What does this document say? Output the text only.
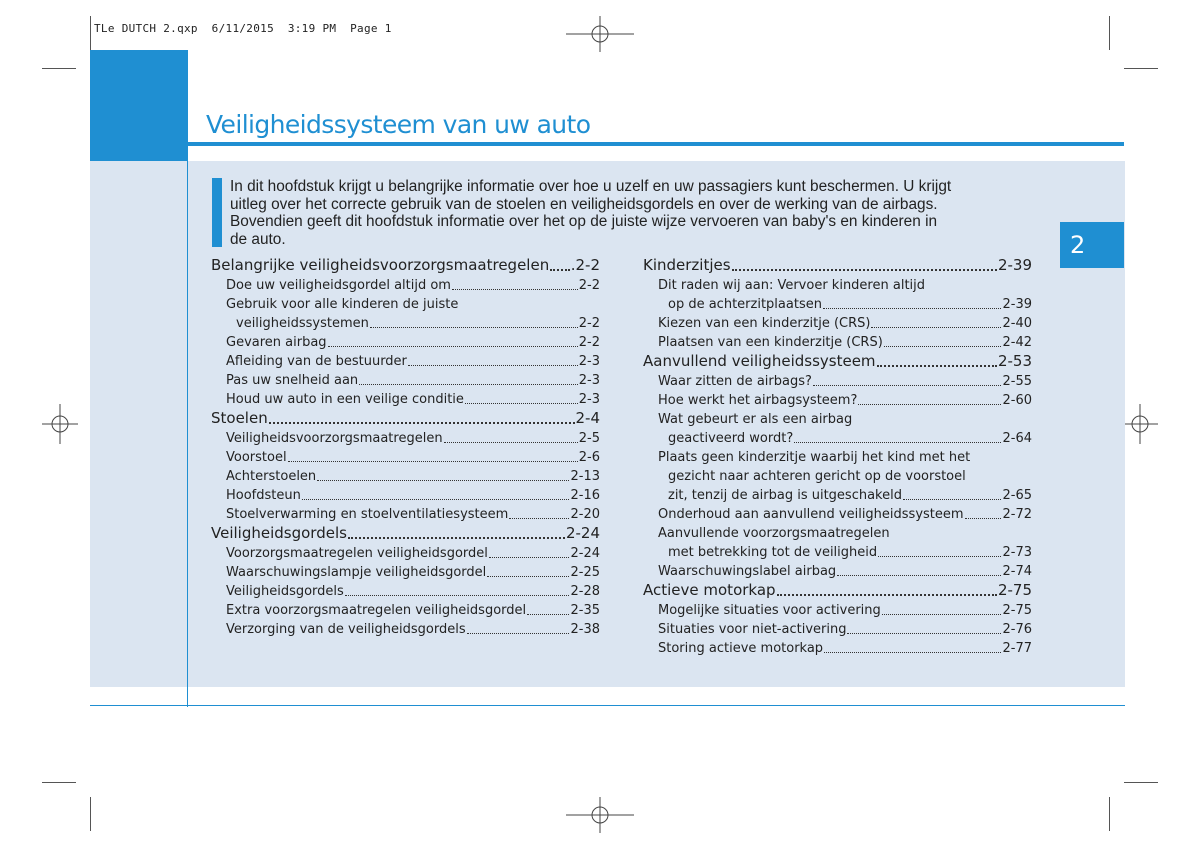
TLe DUTCH 2.qxp  6/11/2015  3:19 PM  Page 1
Veiligheidssysteem van uw auto
2

In dit hoofdstuk krijgt u belangrijke informatie over hoe u uzelf en uw passagiers kunt beschermen. U krijgt

uitleg over het correcte gebruik van de stoelen en veiligheidsgordels en over de werking van de airbags.

Bovendien geeft dit hoofdstuk informatie over het op de juiste wijze vervoeren van baby's en kinderen in

de auto.

Belangrijke veiligheidsvoorzorgsmaatregelen .2-2
Doe uw veiligheidsgordel altijd om	2-2
Gebruik voor alle kinderen de juiste
veiligheidssystemen	2-2
Gevaren airbag	2-2
Afleiding van de bestuurder	2-3
Pas uw snelheid aan	2-3
Houd uw auto in een veilige conditie	2-3
Stoelen	2-4
Veiligheidsvoorzorgsmaatregelen	2-5
Voorstoel	2-6
Achterstoelen	2-13
Hoofdsteun	2-16
Stoelverwarming en stoelventilatiesysteem	2-20
Veiligheidsgordels	2-24
Voorzorgsmaatregelen veiligheidsgordel	2-24
Waarschuwingslampje veiligheidsgordel	2-25
Veiligheidsgordels	2-28
Extra voorzorgsmaatregelen veiligheidsgordel	2-35
Verzorging van de veiligheidsgordels	2-38
Kinderzitjes	2-39
Dit raden wij aan: Vervoer kinderen altijd
op de achterzitplaatsen	2-39
Kiezen van een kinderzitje (CRS)	2-40
Plaatsen van een kinderzitje (CRS)	2-42
Aanvullend veiligheidssysteem	2-53
Waar zitten de airbags?	2-55
Hoe werkt het airbagsysteem?	2-60
Wat gebeurt er als een airbag
geactiveerd wordt?	2-64
Plaats geen kinderzitje waarbij het kind met het
gezicht naar achteren gericht op de voorstoel
zit, tenzij de airbag is uitgeschakeld	2-65
Onderhoud aan aanvullend veiligheidssysteem	2-72
Aanvullende voorzorgsmaatregelen
met betrekking tot de veiligheid	2-73
Waarschuwingslabel airbag	2-74
Actieve motorkap	2-75
Mogelijke situaties voor activering	2-75
Situaties voor niet-activering	2-76
Storing actieve motorkap	2-77
